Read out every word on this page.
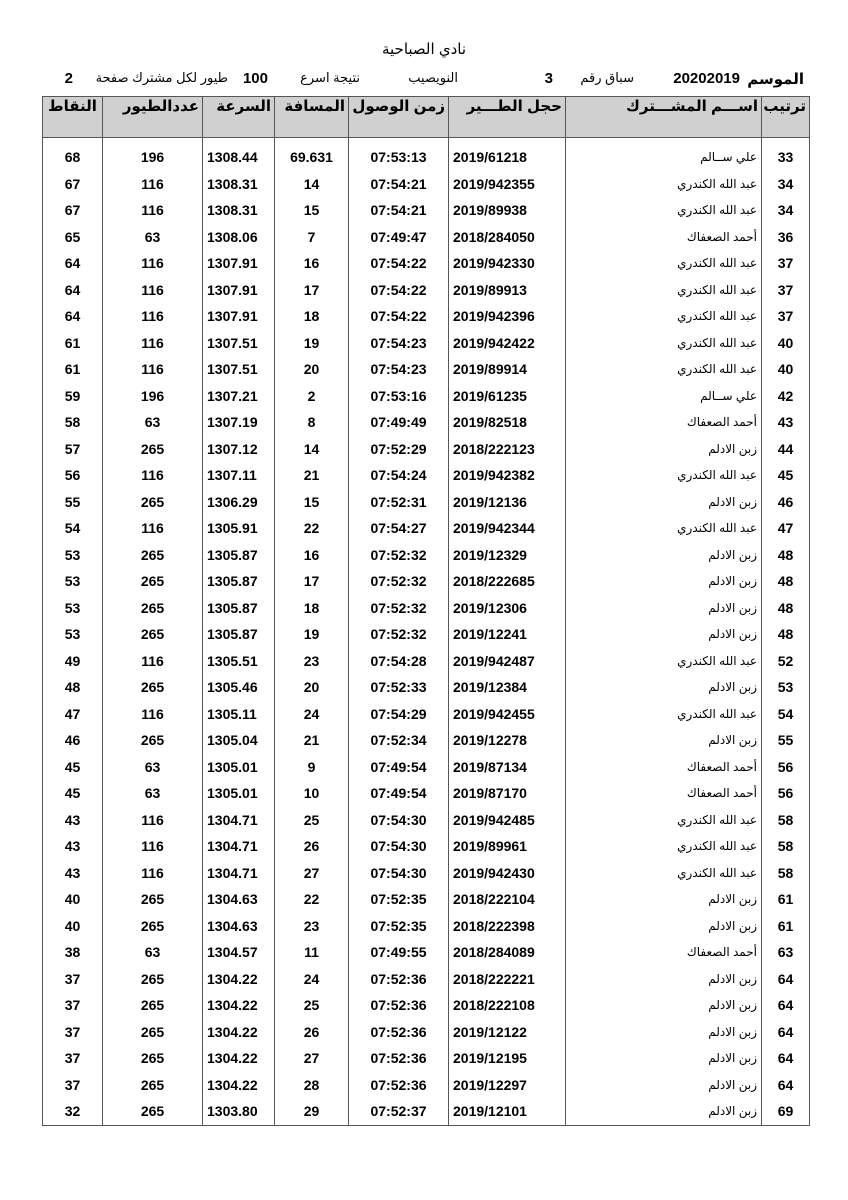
نادي الصباحية
الموسم
20202019
سباق رقم
3
النويصيب
نتيجة اسرع
100
طيور لكل مشترك صفحة
2
ترتيب	اســـم المشـــترك	حجل الطـــير	زمن الوصول	المسافة	السرعة	عددالطيور	النقاط

33	علي ســالم	2019/61218	07:53:13	69.631	1308.44	196	68
34	عبد الله الكندري	2019/942355	07:54:21	14	1308.31	116	67
34	عبد الله الكندري	2019/89938	07:54:21	15	1308.31	116	67
36	أحمد الصعفاك	2018/284050	07:49:47	7	1308.06	63	65
37	عبد الله الكندري	2019/942330	07:54:22	16	1307.91	116	64
37	عبد الله الكندري	2019/89913	07:54:22	17	1307.91	116	64
37	عبد الله الكندري	2019/942396	07:54:22	18	1307.91	116	64
40	عبد الله الكندري	2019/942422	07:54:23	19	1307.51	116	61
40	عبد الله الكندري	2019/89914	07:54:23	20	1307.51	116	61
42	علي ســالم	2019/61235	07:53:16	2	1307.21	196	59
43	أحمد الصعفاك	2019/82518	07:49:49	8	1307.19	63	58
44	زبن الادلم	2018/222123	07:52:29	14	1307.12	265	57
45	عبد الله الكندري	2019/942382	07:54:24	21	1307.11	116	56
46	زبن الادلم	2019/12136	07:52:31	15	1306.29	265	55
47	عبد الله الكندري	2019/942344	07:54:27	22	1305.91	116	54
48	زبن الادلم	2019/12329	07:52:32	16	1305.87	265	53
48	زبن الادلم	2018/222685	07:52:32	17	1305.87	265	53
48	زبن الادلم	2019/12306	07:52:32	18	1305.87	265	53
48	زبن الادلم	2019/12241	07:52:32	19	1305.87	265	53
52	عبد الله الكندري	2019/942487	07:54:28	23	1305.51	116	49
53	زبن الادلم	2019/12384	07:52:33	20	1305.46	265	48
54	عبد الله الكندري	2019/942455	07:54:29	24	1305.11	116	47
55	زبن الادلم	2019/12278	07:52:34	21	1305.04	265	46
56	أحمد الصعفاك	2019/87134	07:49:54	9	1305.01	63	45
56	أحمد الصعفاك	2019/87170	07:49:54	10	1305.01	63	45
58	عبد الله الكندري	2019/942485	07:54:30	25	1304.71	116	43
58	عبد الله الكندري	2019/89961	07:54:30	26	1304.71	116	43
58	عبد الله الكندري	2019/942430	07:54:30	27	1304.71	116	43
61	زبن الادلم	2018/222104	07:52:35	22	1304.63	265	40
61	زبن الادلم	2018/222398	07:52:35	23	1304.63	265	40
63	أحمد الصعفاك	2018/284089	07:49:55	11	1304.57	63	38
64	زبن الادلم	2018/222221	07:52:36	24	1304.22	265	37
64	زبن الادلم	2018/222108	07:52:36	25	1304.22	265	37
64	زبن الادلم	2019/12122	07:52:36	26	1304.22	265	37
64	زبن الادلم	2019/12195	07:52:36	27	1304.22	265	37
64	زبن الادلم	2019/12297	07:52:36	28	1304.22	265	37
69	زبن الادلم	2019/12101	07:52:37	29	1303.80	265	32
